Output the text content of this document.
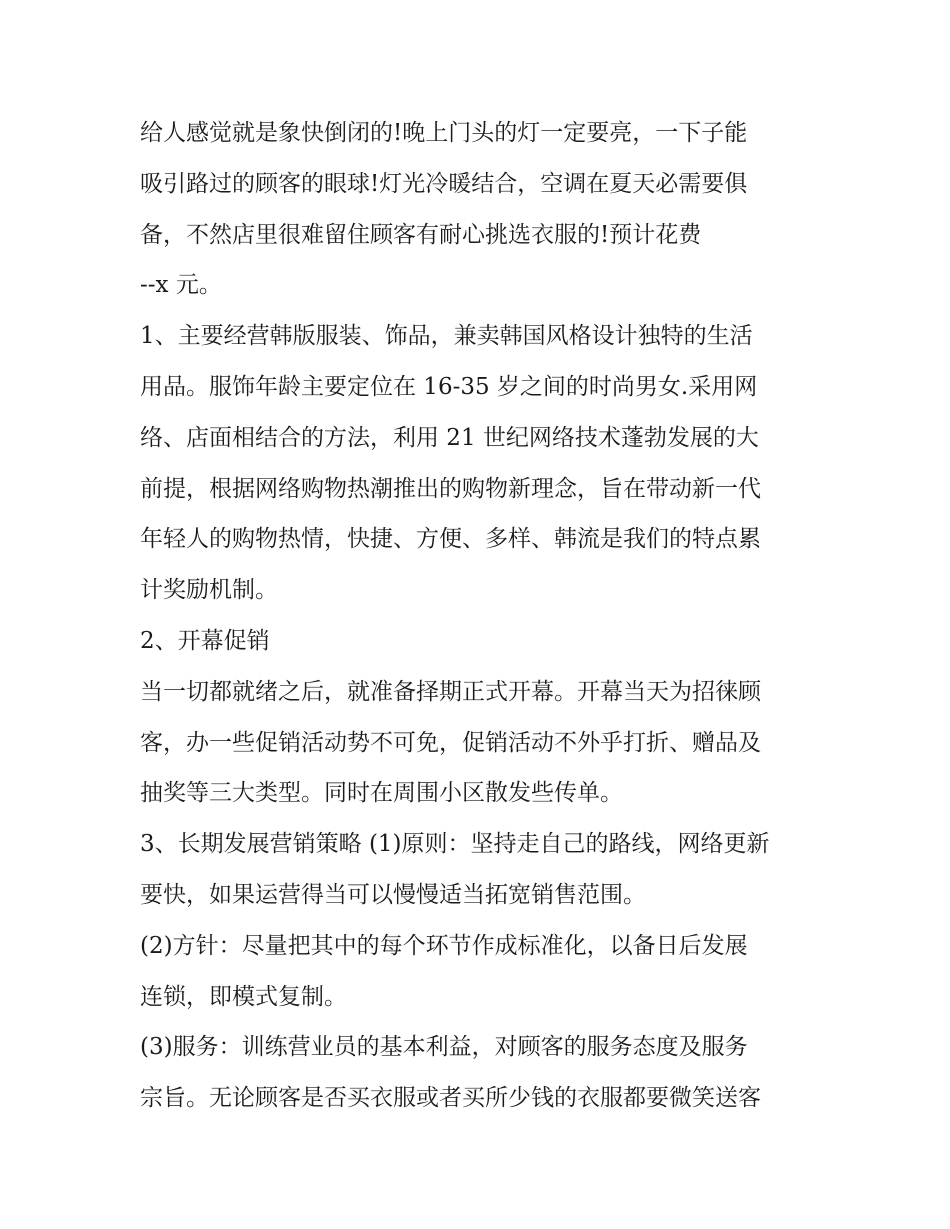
给人感觉就是象快倒闭的!晚上门头的灯一定要亮，一下子能
吸引路过的顾客的眼球!灯光冷暖结合，空调在夏天必需要俱
备，不然店里很难留住顾客有耐心挑选衣服的!预计花费
--x 元。
1、主要经营韩版服装、饰品，兼卖韩国风格设计独特的生活
用品。服饰年龄主要定位在 16-35 岁之间的时尚男女.采用网
络、店面相结合的方法，利用 21 世纪网络技术蓬勃发展的大
前提，根据网络购物热潮推出的购物新理念，旨在带动新一代
年轻人的购物热情，快捷、方便、多样、韩流是我们的特点累
计奖励机制。
2、开幕促销
当一切都就绪之后，就准备择期正式开幕。开幕当天为招徕顾
客，办一些促销活动势不可免，促销活动不外乎打折、赠品及
抽奖等三大类型。同时在周围小区散发些传单。
3、长期发展营销策略 (1)原则：坚持走自己的路线，网络更新
要快，如果运营得当可以慢慢适当拓宽销售范围。
(2)方针：尽量把其中的每个环节作成标准化，以备日后发展
连锁，即模式复制。
(3)服务：训练营业员的基本利益，对顾客的服务态度及服务
宗旨。无论顾客是否买衣服或者买所少钱的衣服都要微笑送客
